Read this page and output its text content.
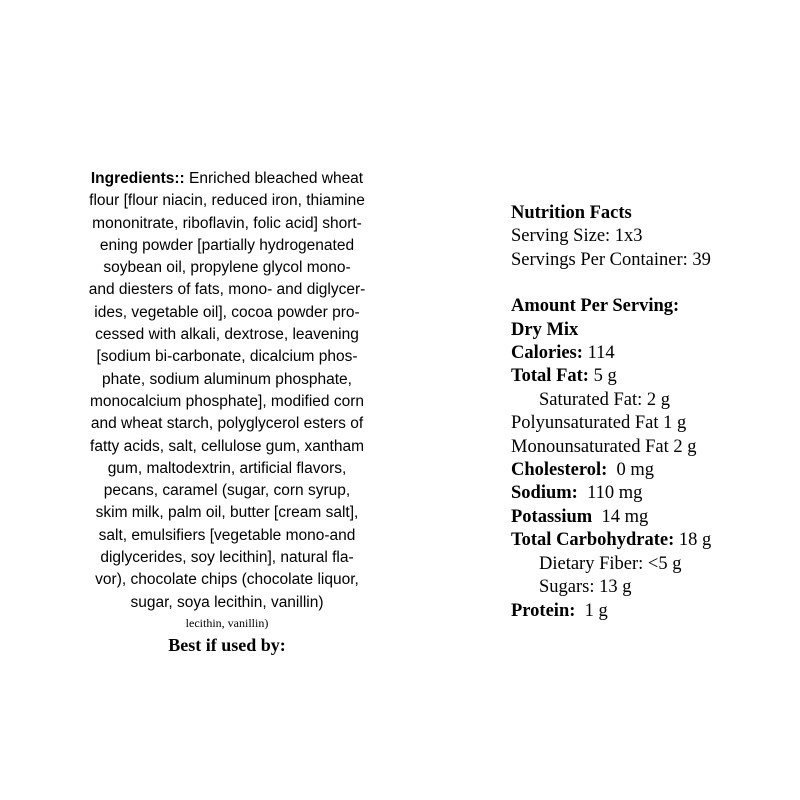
Ingredients:: Enriched bleached wheat
flour [flour niacin, reduced iron, thiamine
mononitrate, riboflavin, folic acid] short-
ening powder [partially hydrogenated
soybean oil, propylene glycol mono-
and diesters of fats, mono- and diglycer-
ides, vegetable oil], cocoa powder pro-
cessed with alkali, dextrose, leavening
[sodium bi-carbonate, dicalcium phos-
phate, sodium aluminum phosphate,
monocalcium phosphate], modified corn
and wheat starch, polyglycerol esters of
fatty acids, salt, cellulose gum, xantham
gum, maltodextrin, artificial flavors,
pecans, caramel (sugar, corn syrup,
skim milk, palm oil, butter [cream salt],
salt, emulsifiers [vegetable mono-and
diglycerides, soy lecithin], natural fla-
vor), chocolate chips (chocolate liquor,
sugar, soya lecithin, vanillin)
lecithin, vanillin)
Best if used by:
Nutrition Facts
Serving Size: 1x3
Servings Per Container: 39
Amount Per Serving:
Dry Mix
Calories: 114
Total Fat: 5 g
Saturated Fat: 2 g
Polyunsaturated Fat 1 g
Monounsaturated Fat 2 g
Cholesterol: 0 mg
Sodium: 110 mg
Potassium 14 mg
Total Carbohydrate: 18 g
Dietary Fiber: <5 g
Sugars: 13 g
Protein: 1 g
